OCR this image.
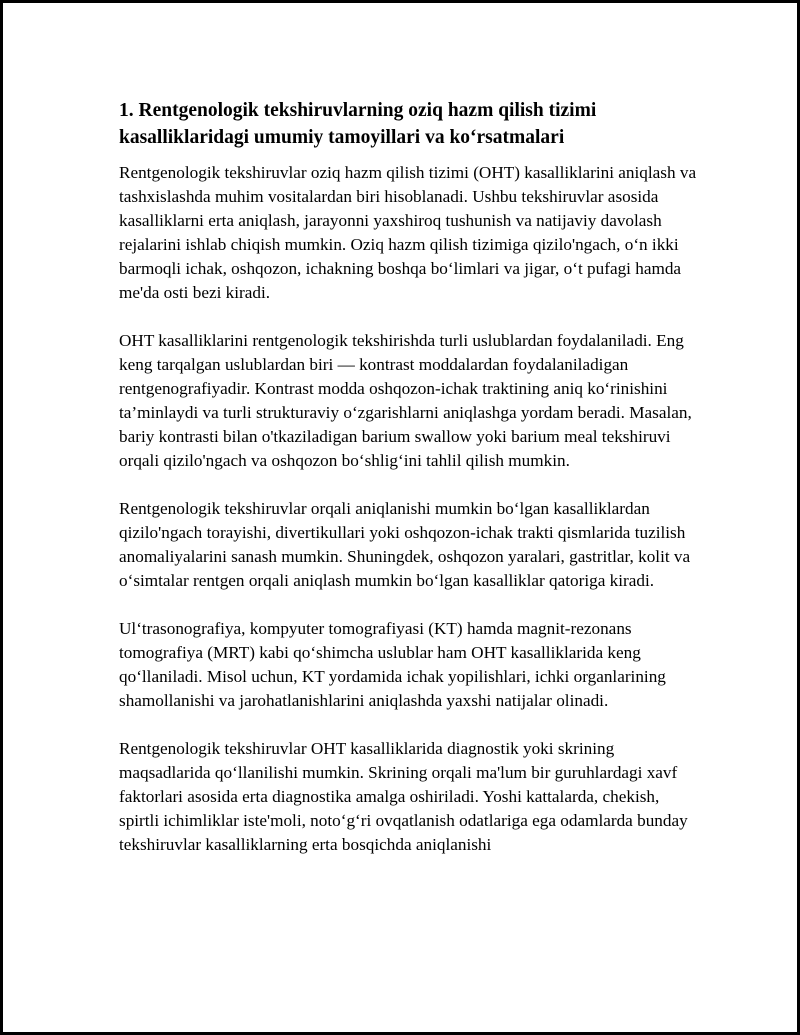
1. Rentgenologik tekshiruvlarning oziq hazm qilish tizimi kasalliklaridagi umumiy tamoyillari va ko‘rsatmalari

Rentgenologik tekshiruvlar oziq hazm qilish tizimi (OHT) kasalliklarini aniqlash va tashxislashda muhim vositalardan biri hisoblanadi. Ushbu tekshiruvlar asosida kasalliklarni erta aniqlash, jarayonni yaxshiroq tushunish va natijaviy davolash rejalarini ishlab chiqish mumkin. Oziq hazm qilish tizimiga qizilo'ngach, o‘n ikki barmoqli ichak, oshqozon, ichakning boshqa bo‘limlari va jigar, o‘t pufagi hamda me'da osti bezi kiradi.

OHT kasalliklarini rentgenologik tekshirishda turli uslublardan foydalaniladi. Eng keng tarqalgan uslublardan biri — kontrast moddalardan foydalaniladigan rentgenografiyadir. Kontrast modda oshqozon-ichak traktining aniq ko‘rinishini ta’minlaydi va turli strukturaviy o‘zgarishlarni aniqlashga yordam beradi. Masalan, bariy kontrasti bilan o'tkaziladigan barium swallow yoki barium meal tekshiruvi orqali qizilo'ngach va oshqozon bo‘shlig‘ini tahlil qilish mumkin.

Rentgenologik tekshiruvlar orqali aniqlanishi mumkin bo‘lgan kasalliklardan qizilo'ngach torayishi, divertikullari yoki oshqozon-ichak trakti qismlarida tuzilish anomaliyalarini sanash mumkin. Shuningdek, oshqozon yaralari, gastritlar, kolit va o‘simtalar rentgen orqali aniqlash mumkin bo‘lgan kasalliklar qatoriga kiradi.

Ul‘trasonografiya, kompyuter tomografiyasi (KT) hamda magnit-rezonans tomografiya (MRT) kabi qo‘shimcha uslublar ham OHT kasalliklarida keng qo‘llaniladi. Misol uchun, KT yordamida ichak yopilishlari, ichki organlarining shamollanishi va jarohatlanishlarini aniqlashda yaxshi natijalar olinadi.

Rentgenologik tekshiruvlar OHT kasalliklarida diagnostik yoki skrining maqsadlarida qo‘llanilishi mumkin. Skrining orqali ma'lum bir guruhlardagi xavf faktorlari asosida erta diagnostika amalga oshiriladi. Yoshi kattalarda, chekish, spirtli ichimliklar iste'moli, noto‘g‘ri ovqatlanish odatlariga ega odamlarda bunday tekshiruvlar kasalliklarning erta bosqichda aniqlanishi
